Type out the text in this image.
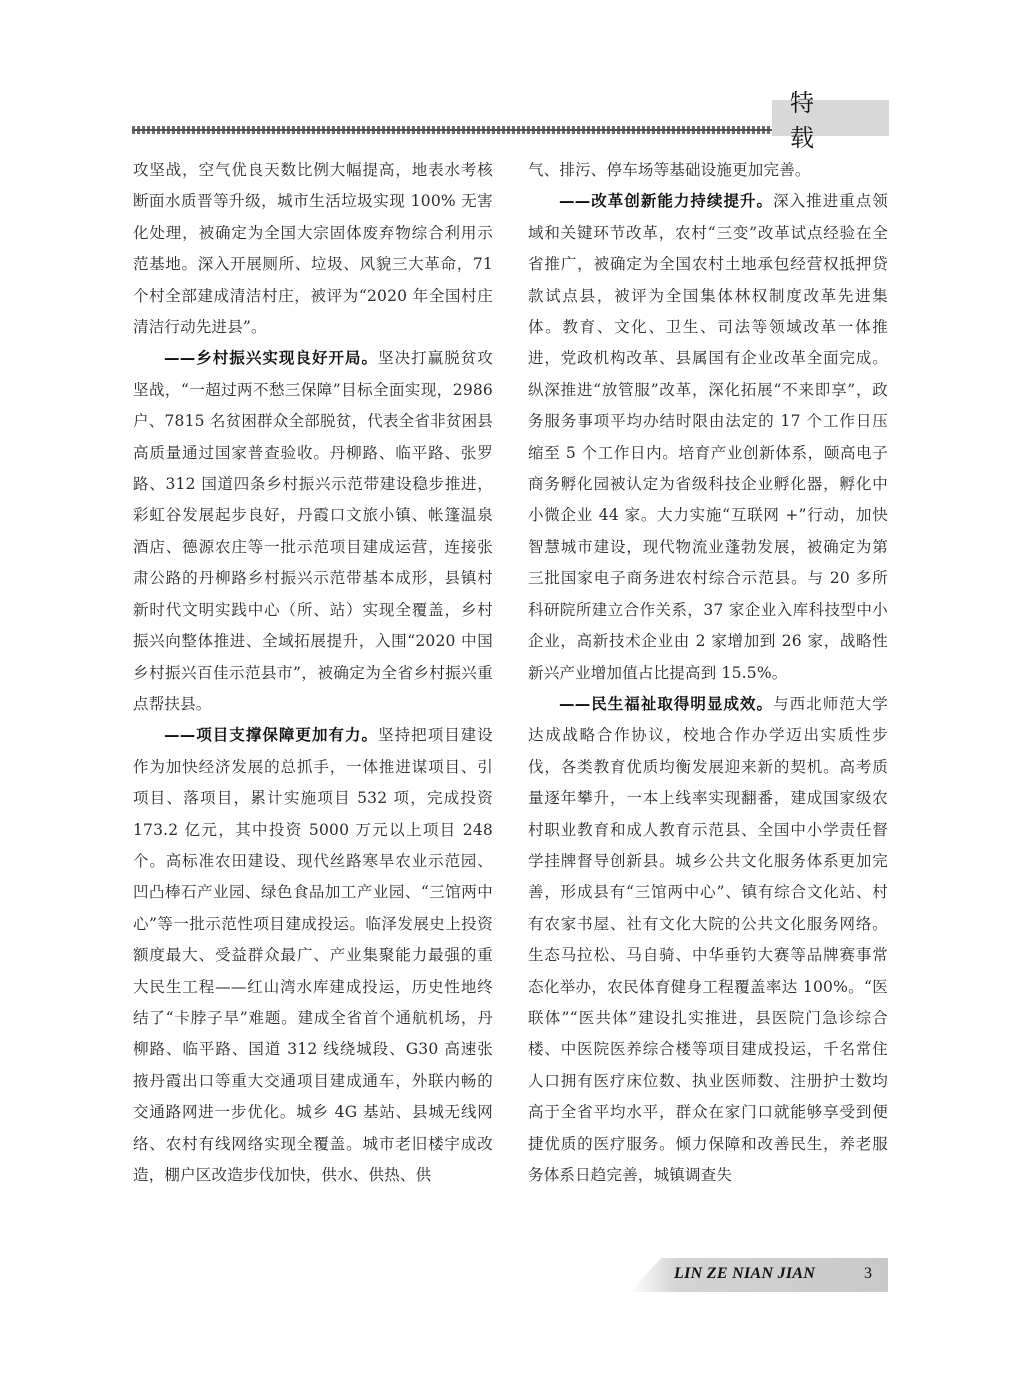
特 载

攻坚战，空气优良天数比例大幅提高，地表水考核断面水质晋等升级，城市生活垃圾实现 100% 无害化处理，被确定为全国大宗固体废弃物综合利用示范基地。深入开展厕所、垃圾、风貌三大革命，71 个村全部建成清洁村庄，被评为“2020 年全国村庄清洁行动先进县”。

——乡村振兴实现良好开局。坚决打赢脱贫攻坚战，“一超过两不愁三保障”目标全面实现，2986 户、7815 名贫困群众全部脱贫，代表全省非贫困县高质量通过国家普查验收。丹柳路、临平路、张罗路、312 国道四条乡村振兴示范带建设稳步推进，彩虹谷发展起步良好，丹霞口文旅小镇、帐篷温泉酒店、德源农庄等一批示范项目建成运营，连接张肃公路的丹柳路乡村振兴示范带基本成形，县镇村新时代文明实践中心（所、站）实现全覆盖，乡村振兴向整体推进、全域拓展提升，入围“2020 中国乡村振兴百佳示范县市”，被确定为全省乡村振兴重点帮扶县。

——项目支撑保障更加有力。坚持把项目建设作为加快经济发展的总抓手，一体推进谋项目、引项目、落项目，累计实施项目 532 项，完成投资 173.2 亿元，其中投资 5000 万元以上项目 248 个。高标准农田建设、现代丝路寒旱农业示范园、凹凸棒石产业园、绿色食品加工产业园、“三馆两中心”等一批示范性项目建成投运。临泽发展史上投资额度最大、受益群众最广、产业集聚能力最强的重大民生工程——红山湾水库建成投运，历史性地终结了“卡脖子旱”难题。建成全省首个通航机场，丹柳路、临平路、国道 312 线绕城段、G30 高速张掖丹霞出口等重大交通项目建成通车，外联内畅的交通路网进一步优化。城乡 4G 基站、县城无线网络、农村有线网络实现全覆盖。城市老旧楼宇成改造，棚户区改造步伐加快，供水、供热、供

气、排污、停车场等基础设施更加完善。

——改革创新能力持续提升。深入推进重点领域和关键环节改革，农村“三变”改革试点经验在全省推广，被确定为全国农村土地承包经营权抵押贷款试点县，被评为全国集体林权制度改革先进集体。教育、文化、卫生、司法等领域改革一体推进，党政机构改革、县属国有企业改革全面完成。纵深推进“放管服”改革，深化拓展“不来即享”，政务服务事项平均办结时限由法定的 17 个工作日压缩至 5 个工作日内。培育产业创新体系，颐高电子商务孵化园被认定为省级科技企业孵化器，孵化中小微企业 44 家。大力实施“互联网 +”行动，加快智慧城市建设，现代物流业蓬勃发展，被确定为第三批国家电子商务进农村综合示范县。与 20 多所科研院所建立合作关系，37 家企业入库科技型中小企业，高新技术企业由 2 家增加到 26 家，战略性新兴产业增加值占比提高到 15.5%。

——民生福祉取得明显成效。与西北师范大学达成战略合作协议，校地合作办学迈出实质性步伐，各类教育优质均衡发展迎来新的契机。高考质量逐年攀升，一本上线率实现翻番，建成国家级农村职业教育和成人教育示范县、全国中小学责任督学挂牌督导创新县。城乡公共文化服务体系更加完善，形成县有“三馆两中心”、镇有综合文化站、村有农家书屋、社有文化大院的公共文化服务网络。生态马拉松、马自骑、中华垂钓大赛等品牌赛事常态化举办，农民体育健身工程覆盖率达 100%。“医联体”“医共体”建设扎实推进，县医院门急诊综合楼、中医院医养综合楼等项目建成投运，千名常住人口拥有医疗床位数、执业医师数、注册护士数均高于全省平均水平，群众在家门口就能够享受到便捷优质的医疗服务。倾力保障和改善民生，养老服务体系日趋完善，城镇调查失

LIN ZE NIAN JIAN	3
